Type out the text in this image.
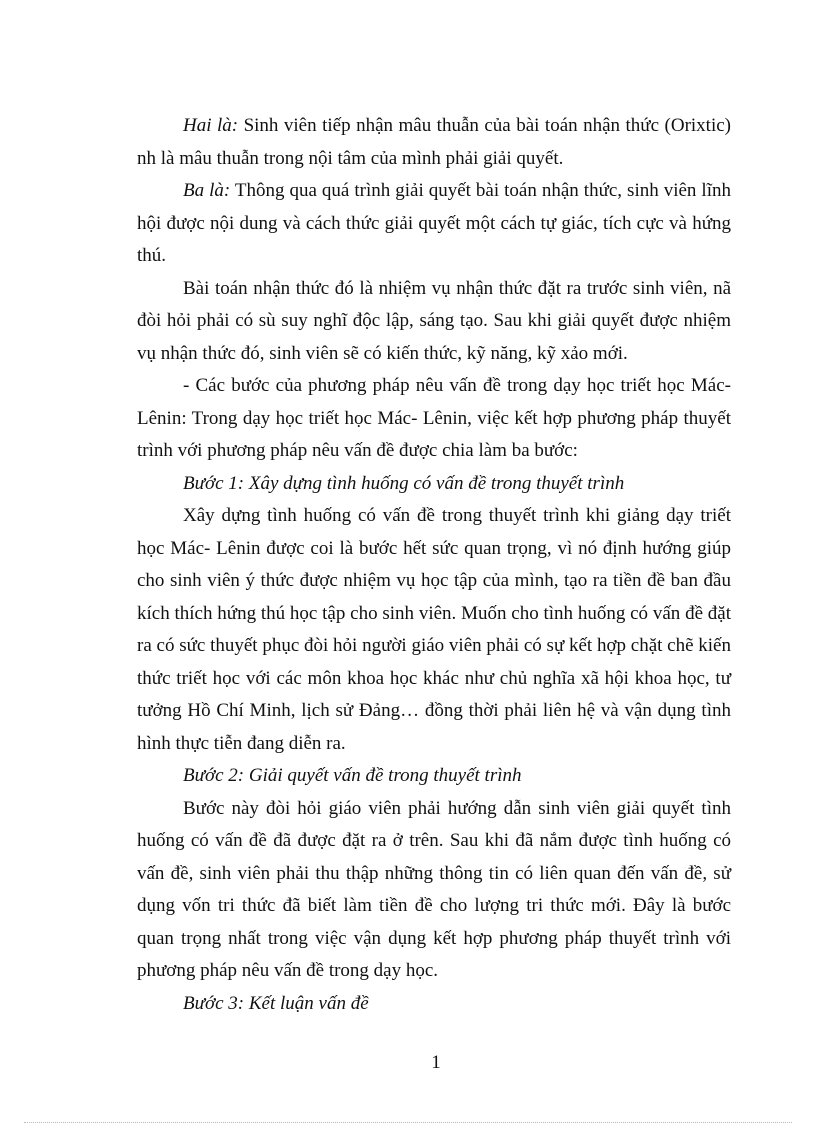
Hai là: Sinh viên tiếp nhận mâu thuẫn của bài toán nhận thức (Orixtic) nh là mâu thuẫn trong nội tâm của mình phải giải quyết.

Ba là: Thông qua quá trình giải quyết bài toán nhận thức, sinh viên lĩnh hội được nội dung và cách thức giải quyết một cách tự giác, tích cực và hứng thú.

Bài toán nhận thức đó là nhiệm vụ nhận thức đặt ra trước sinh viên, nã đòi hỏi phải có sù suy nghĩ độc lập, sáng tạo. Sau khi giải quyết được nhiệm vụ nhận thức đó, sinh viên sẽ có kiến thức, kỹ năng, kỹ xảo mới.

- Các bước của phương pháp nêu vấn đề trong dạy học triết học Mác- Lênin: Trong dạy học triết học Mác- Lênin, việc kết hợp phương pháp thuyết trình với phương pháp nêu vấn đề được chia làm ba bước:

Bước 1: Xây dựng tình huống có vấn đề trong thuyết trình

Xây dựng tình huống có vấn đề trong thuyết trình khi giảng dạy triết học Mác- Lênin được coi là bước hết sức quan trọng, vì nó định hướng giúp cho sinh viên ý thức được nhiệm vụ học tập của mình, tạo ra tiền đề ban đầu kích thích hứng thú học tập cho sinh viên. Muốn cho tình huống có vấn đề đặt ra có sức thuyết phục đòi hỏi người giáo viên phải có sự kết hợp chặt chẽ kiến thức triết học với các môn khoa học khác như chủ nghĩa xã hội khoa học, tư tưởng Hồ Chí Minh, lịch sử Đảng… đồng thời phải liên hệ và vận dụng tình hình thực tiễn đang diễn ra.

Bước 2: Giải quyết vấn đề trong thuyết trình

Bước này đòi hỏi giáo viên phải hướng dẫn sinh viên giải quyết tình huống có vấn đề đã được đặt ra ở trên. Sau khi đã nắm được tình huống có vấn đề, sinh viên phải thu thập những thông tin có liên quan đến vấn đề, sử dụng vốn tri thức đã biết làm tiền đề cho lượng tri thức mới. Đây là bước quan trọng nhất trong việc vận dụng kết hợp phương pháp thuyết trình với phương pháp nêu vấn đề trong dạy học.

Bước 3: Kết luận vấn đề

1
